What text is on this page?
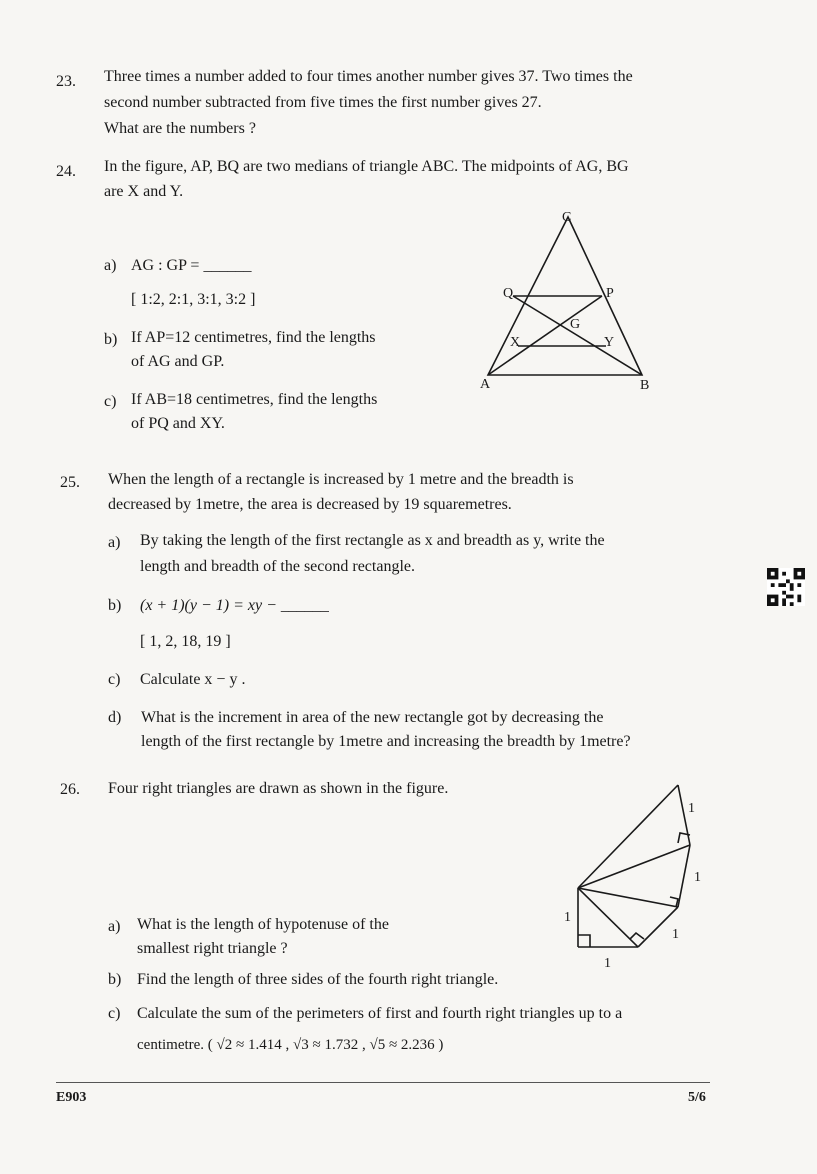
23. Three times a number added to four times another number gives 37. Two times the
second number subtracted from five times the first number gives 27.
What are the numbers ?
24. In the figure, AP, BQ are two medians of triangle ABC. The midpoints of AG, BG
are X and Y.
a) AG : GP = ______
[ 1:2, 2:1, 3:1, 3:2 ]
b) If AP=12 centimetres, find the lengths
of AG and GP.
c) If AB=18 centimetres, find the lengths
of PQ and XY.
C
Q	P
G
X	Y
A	B
25. When the length of a rectangle is increased by 1 metre and the breadth is
decreased by 1metre, the area is decreased by 19 squaremetres.
a) By taking the length of the first rectangle as x and breadth as y, write the
length and breadth of the second rectangle.
b) (x + 1)(y − 1) = xy − ______
[ 1, 2, 18, 19 ]
c) Calculate x − y .
d) What is the increment in area of the new rectangle got by decreasing the
length of the first rectangle by 1metre and increasing the breadth by 1metre?
26. Four right triangles are drawn as shown in the figure.
a) What is the length of hypotenuse of the
smallest right triangle ?
b) Find the length of three sides of the fourth right triangle.
c) Calculate the sum of the perimeters of first and fourth right triangles up to a
centimetre. ( √2 ≈ 1.414 , √3 ≈ 1.732 , √5 ≈ 2.236 )
1
1
1
1
1
E903	5/6
